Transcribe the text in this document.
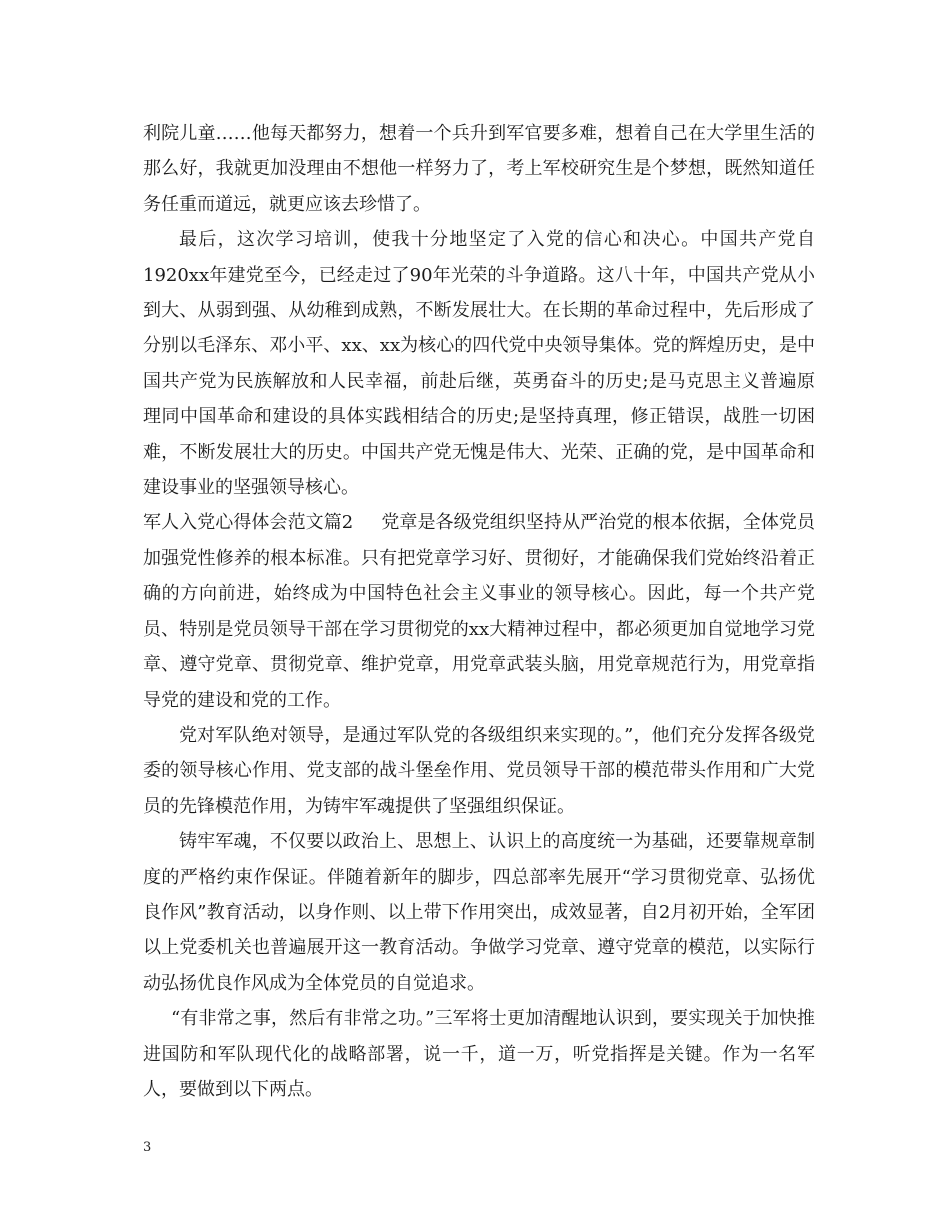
利院儿童……他每天都努力，想着一个兵升到军官要多难，想着自己在大学里生活的那么好，我就更加没理由不想他一样努力了，考上军校研究生是个梦想，既然知道任务任重而道远，就更应该去珍惜了。

最后，这次学习培训，使我十分地坚定了入党的信心和决心。中国共产党自1920xx年建党至今，已经走过了90年光荣的斗争道路。这八十年，中国共产党从小到大、从弱到强、从幼稚到成熟，不断发展壮大。在长期的革命过程中，先后形成了分别以毛泽东、邓小平、xx、xx为核心的四代党中央领导集体。党的辉煌历史，是中国共产党为民族解放和人民幸福，前赴后继，英勇奋斗的历史;是马克思主义普遍原理同中国革命和建设的具体实践相结合的历史;是坚持真理，修正错误，战胜一切困难，不断发展壮大的历史。中国共产党无愧是伟大、光荣、正确的党，是中国革命和建设事业的坚强领导核心。

军人入党心得体会范文篇2 党章是各级党组织坚持从严治党的根本依据，全体党员加强党性修养的根本标准。只有把党章学习好、贯彻好，才能确保我们党始终沿着正确的方向前进，始终成为中国特色社会主义事业的领导核心。因此，每一个共产党员、特别是党员领导干部在学习贯彻党的xx大精神过程中，都必须更加自觉地学习党章、遵守党章、贯彻党章、维护党章，用党章武装头脑，用党章规范行为，用党章指导党的建设和党的工作。

党对军队绝对领导，是通过军队党的各级组织来实现的。”，他们充分发挥各级党委的领导核心作用、党支部的战斗堡垒作用、党员领导干部的模范带头作用和广大党员的先锋模范作用，为铸牢军魂提供了坚强组织保证。

铸牢军魂，不仅要以政治上、思想上、认识上的高度统一为基础，还要靠规章制度的严格约束作保证。伴随着新年的脚步，四总部率先展开“学习贯彻党章、弘扬优良作风”教育活动，以身作则、以上带下作用突出，成效显著，自2月初开始，全军团以上党委机关也普遍展开这一教育活动。争做学习党章、遵守党章的模范，以实际行动弘扬优良作风成为全体党员的自觉追求。

“有非常之事，然后有非常之功。”三军将士更加清醒地认识到，要实现关于加快推进国防和军队现代化的战略部署，说一千，道一万，听党指挥是关键。作为一名军人，要做到以下两点。

3
